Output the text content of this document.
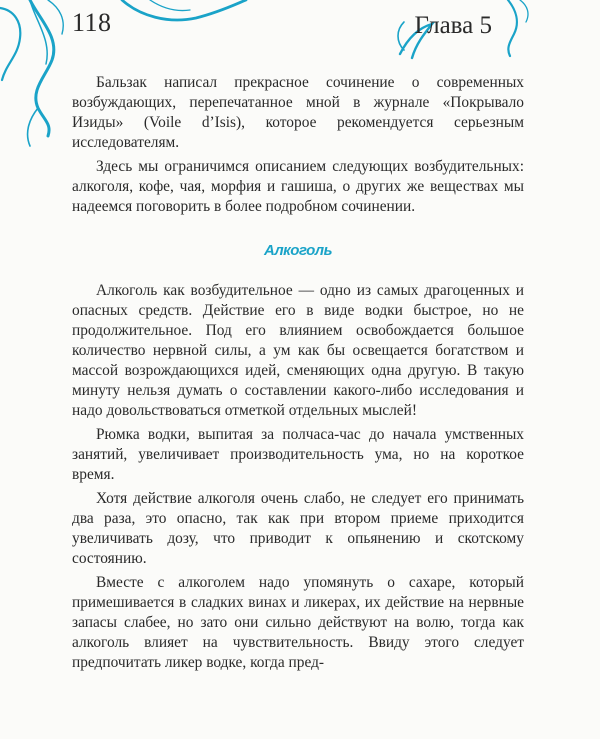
118	Глава 5

Бальзак написал прекрасное сочинение о современных возбуждающих, перепечатанное мной в журнале «Покрывало Изиды» (Voile d’Isis), которое рекомендуется серьезным исследователям.

Здесь мы ограничимся описанием следующих возбудительных: алкоголя, кофе, чая, морфия и гашиша, о других же веществах мы надеемся поговорить в более подробном сочинении.

Алкоголь

Алкоголь как возбудительное — одно из самых драгоценных и опасных средств. Действие его в виде водки быстрое, но не продолжительное. Под его влиянием освобождается большое количество нервной силы, а ум как бы освещается богатством и массой возрождающихся идей, сменяющих одна другую. В такую минуту нельзя думать о составлении какого-либо исследования и надо довольствоваться отметкой отдельных мыслей!

Рюмка водки, выпитая за полчаса-час до начала умственных занятий, увеличивает производительность ума, но на короткое время.

Хотя действие алкоголя очень слабо, не следует его принимать два раза, это опасно, так как при втором приеме приходится увеличивать дозу, что приводит к опьянению и скотскому состоянию.

Вместе с алкоголем надо упомянуть о сахаре, который примешивается в сладких винах и ликерах, их действие на нервные запасы слабее, но зато они сильно действуют на волю, тогда как алкоголь влияет на чувствительность. Ввиду этого следует предпочитать ликер водке, когда пред-
